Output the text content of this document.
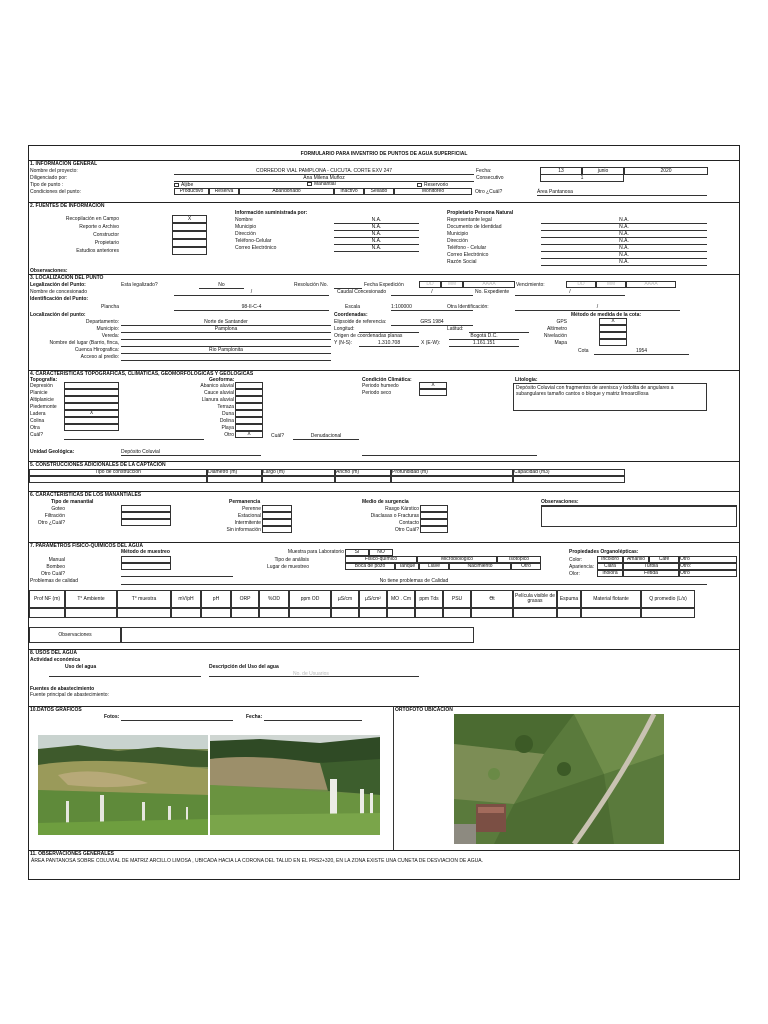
FORMULARIO PARA INVENTRIO DE PUNTOS DE AGUA SUPERFICIAL
1. INFORMACION GENERAL
Nombre del proyecto:	CORREDOR VIAL PAMPLONA - CUCUTA. CORTE EXV 247	Fecha:	13	junio	2020
Diligenciado por:	Ana Milena Muñoz	Consecutivo	1
Tipo de punto :	Aljibe	Manantial	Reservorio
Condiciones del punto:	Productivo	Reserva	Abandonado	Inactivo	Sellado	Monitoreo	Otro ¿Cuál?	Área Pantanosa
2. FUENTES DE INFORMACION
Información suministrada por:	Propietario Persona Natural
Observaciones:
3. LOCALIZACION DEL PUNTO
Legalización del Punto:	Esta legalizado?	No	Resolución No.	Fecha Expedición	DD	MM	AAAA	Vencimiento:	DD	MM	AAAA
Nombre de concesionado	/	Caudal Concesionado	/	No. Expediente	/
Identificación del Punto:
Plancha	98-II-C-4	Escala	1:100000	Otra Identificación:	/
Localización del punto:	Coordenadas:	Método de medida de la cota:
Departamento:	Norte de Santander
Municipio:	Pamplona
Vereda:
Nombre del lugar (Barrio, finca,
Cuenca Hirografica:	Rio Pamplonita
Acceso al predio:
Elipsoide de referencia:	GRS 1984
Longitud:	Latitud:
Origen de coordenadas planas	Bogotá D.C.
Y (N-S):	1.310.708	X (E-W):	1.161.151
Cota	1954
4. CARACTERISTICAS TOPOGRÁFICAS, CLIMATICAS, GEOMORFOLOGICAS Y GEOLOGICAS
Topografía:	Geoforma:
Cuál?	Denudacional
Condición Climática:	Litología:
Depósito Coluvial con fragmentos de arenisca y lodolita de angulares a subangulares tamaño cantos o bloque y matriz limoarcillosa
Unidad Geológica:	Depósito Coluvial
5. CONSTRUCCIONES ADICIONALES DE LA CAPTACIÓN
6. CARACTERISTICAS DE LOS MANANTIALES
Tipo de manantial	Permanencia	Medio de surgencia	Observaciones:
7. PARÁMETROS FISICO-QUÍMICOS DEL AGUA
Método de muestreo
Problemas de calidad	No tiene problemas de Calidad
Muestra para Laboratorio	SI	NO
Tipo de análisis	Fisico-químico	Microbiológico	Isotópico
Lugar de muestreo	Boca de pozo	Tanque	Llave	Nacimiento	Otro
Propiedades Organolépticas:
Color:	Incoloro	Amarillo	Café	Otro
Apariencia:	Clara	Turbia	Otro:
Olor:	Inolora	Fétida	Otro
Observaciones
8. USOS DEL AGUA
Actividad económica
Uso del agua	Descripción del Uso del agua
No. de Usuarios
Fuentes de abastecimiento
Fuente principal de abastecimiento:
10.DATOS GRAFICOS
Fotos:	Fecha:
ORTOFOTO UBICACIÓN
11. OBSERVACIONES GENERALES
ÁREA PANTANOSA SOBRE COLUVIAL DE MATRIZ ARCILLO LIMOSA , UBICADA HACIA LA CORONA DEL TALUD EN EL PRS2+320, EN LA ZONA EXISTE UNA CUNETA DE DESVIACION DE AGUA.
Recopilación en Campo	X
Reporte o Archivo
Constructor
Propietario
Estudios anteriores
Nombre	N.A.
Municipio	N.A.
Dirección	N.A.
Teléfono-Celular	N.A.
Correo Electrónico	N.A.
Representante legal	N.A.
Documento de Identidad	N.A.
Municipio	N.A.
Dirección	N.A.
Teléfono - Celular	N.A.
Correo Electrónico	N.A.
Razón Social	N.A.
GPS	X
Altímetro
Nivelación
Mapa
Depresión
Planicie
Altiplanicie
Piedemonte
Ladera	X
Colina
Otra
Cuál?
Abanico aluvial
Cauce aluvial
Llanura aluvial
Terraza
Duna
Dolina
Playa
Otro	X
Periodo humedo	X
Periodo seco
Tipo de construcción	Diámetro (m)	Largo (m)	Ancho (m)	Profundidad (m)	Capacidad (m3)
Goteo
Filtración
Otro ¿Cuál?
Perenne
Estacional
Intermitente
Sin información
Rasgo Kárstico
Diaclasas o Fracturas
Contacto
Otro Cuál?
Manual
Bombeo
Otro Cuál?
Prof NF (m)	T° Ambiente	T° muestra	mV/pH	pH	ORP	%OD	ppm OD	µS/cm	µS/cm²	MO . Cm	ppm Tds	PSU	Ɵt	Película visible de grasas	Espuma	Material flotante	Q promedio (L/s)
